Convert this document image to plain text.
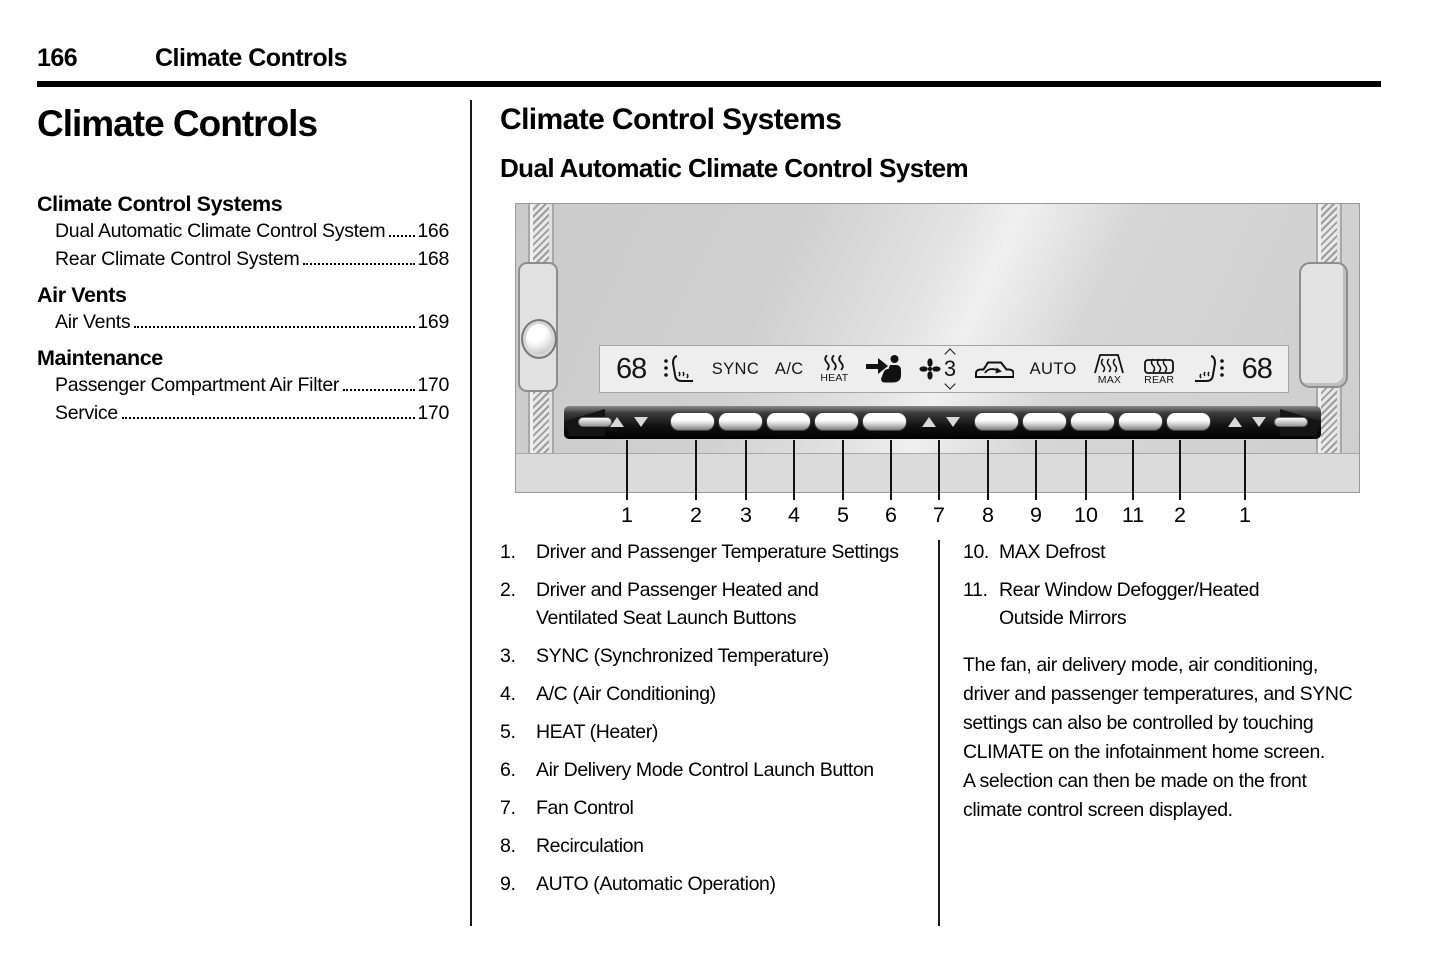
166	Climate Controls
Climate Controls
Climate Control Systems
Dual Automatic Climate Control System 166
Rear Climate Control System	168
Air Vents
Air Vents	169
Maintenance
Passenger Compartment Air Filter	170
Service	170
Climate Control Systems
Dual Automatic Climate Control System
68	SYNC A/C
HEAT	3	AUTO
MAX REAR 68
1	2 3 4 5 6 7 8 9 10 11 2 1
1.	Driver and Passenger Temperature Settings
2.	Driver and Passenger Heated and
Ventilated Seat Launch Buttons
3.	SYNC (Synchronized Temperature)
4.	A/C (Air Conditioning)
5.	HEAT (Heater)
6.	Air Delivery Mode Control Launch Button
7.	Fan Control
8.	Recirculation
9.	AUTO (Automatic Operation)
10. MAX Defrost
11. Rear Window Defogger/Heated
Outside Mirrors
The fan, air delivery mode, air conditioning,
driver and passenger temperatures, and SYNC
settings can also be controlled by touching
CLIMATE on the infotainment home screen.
A selection can then be made on the front
climate control screen displayed.
